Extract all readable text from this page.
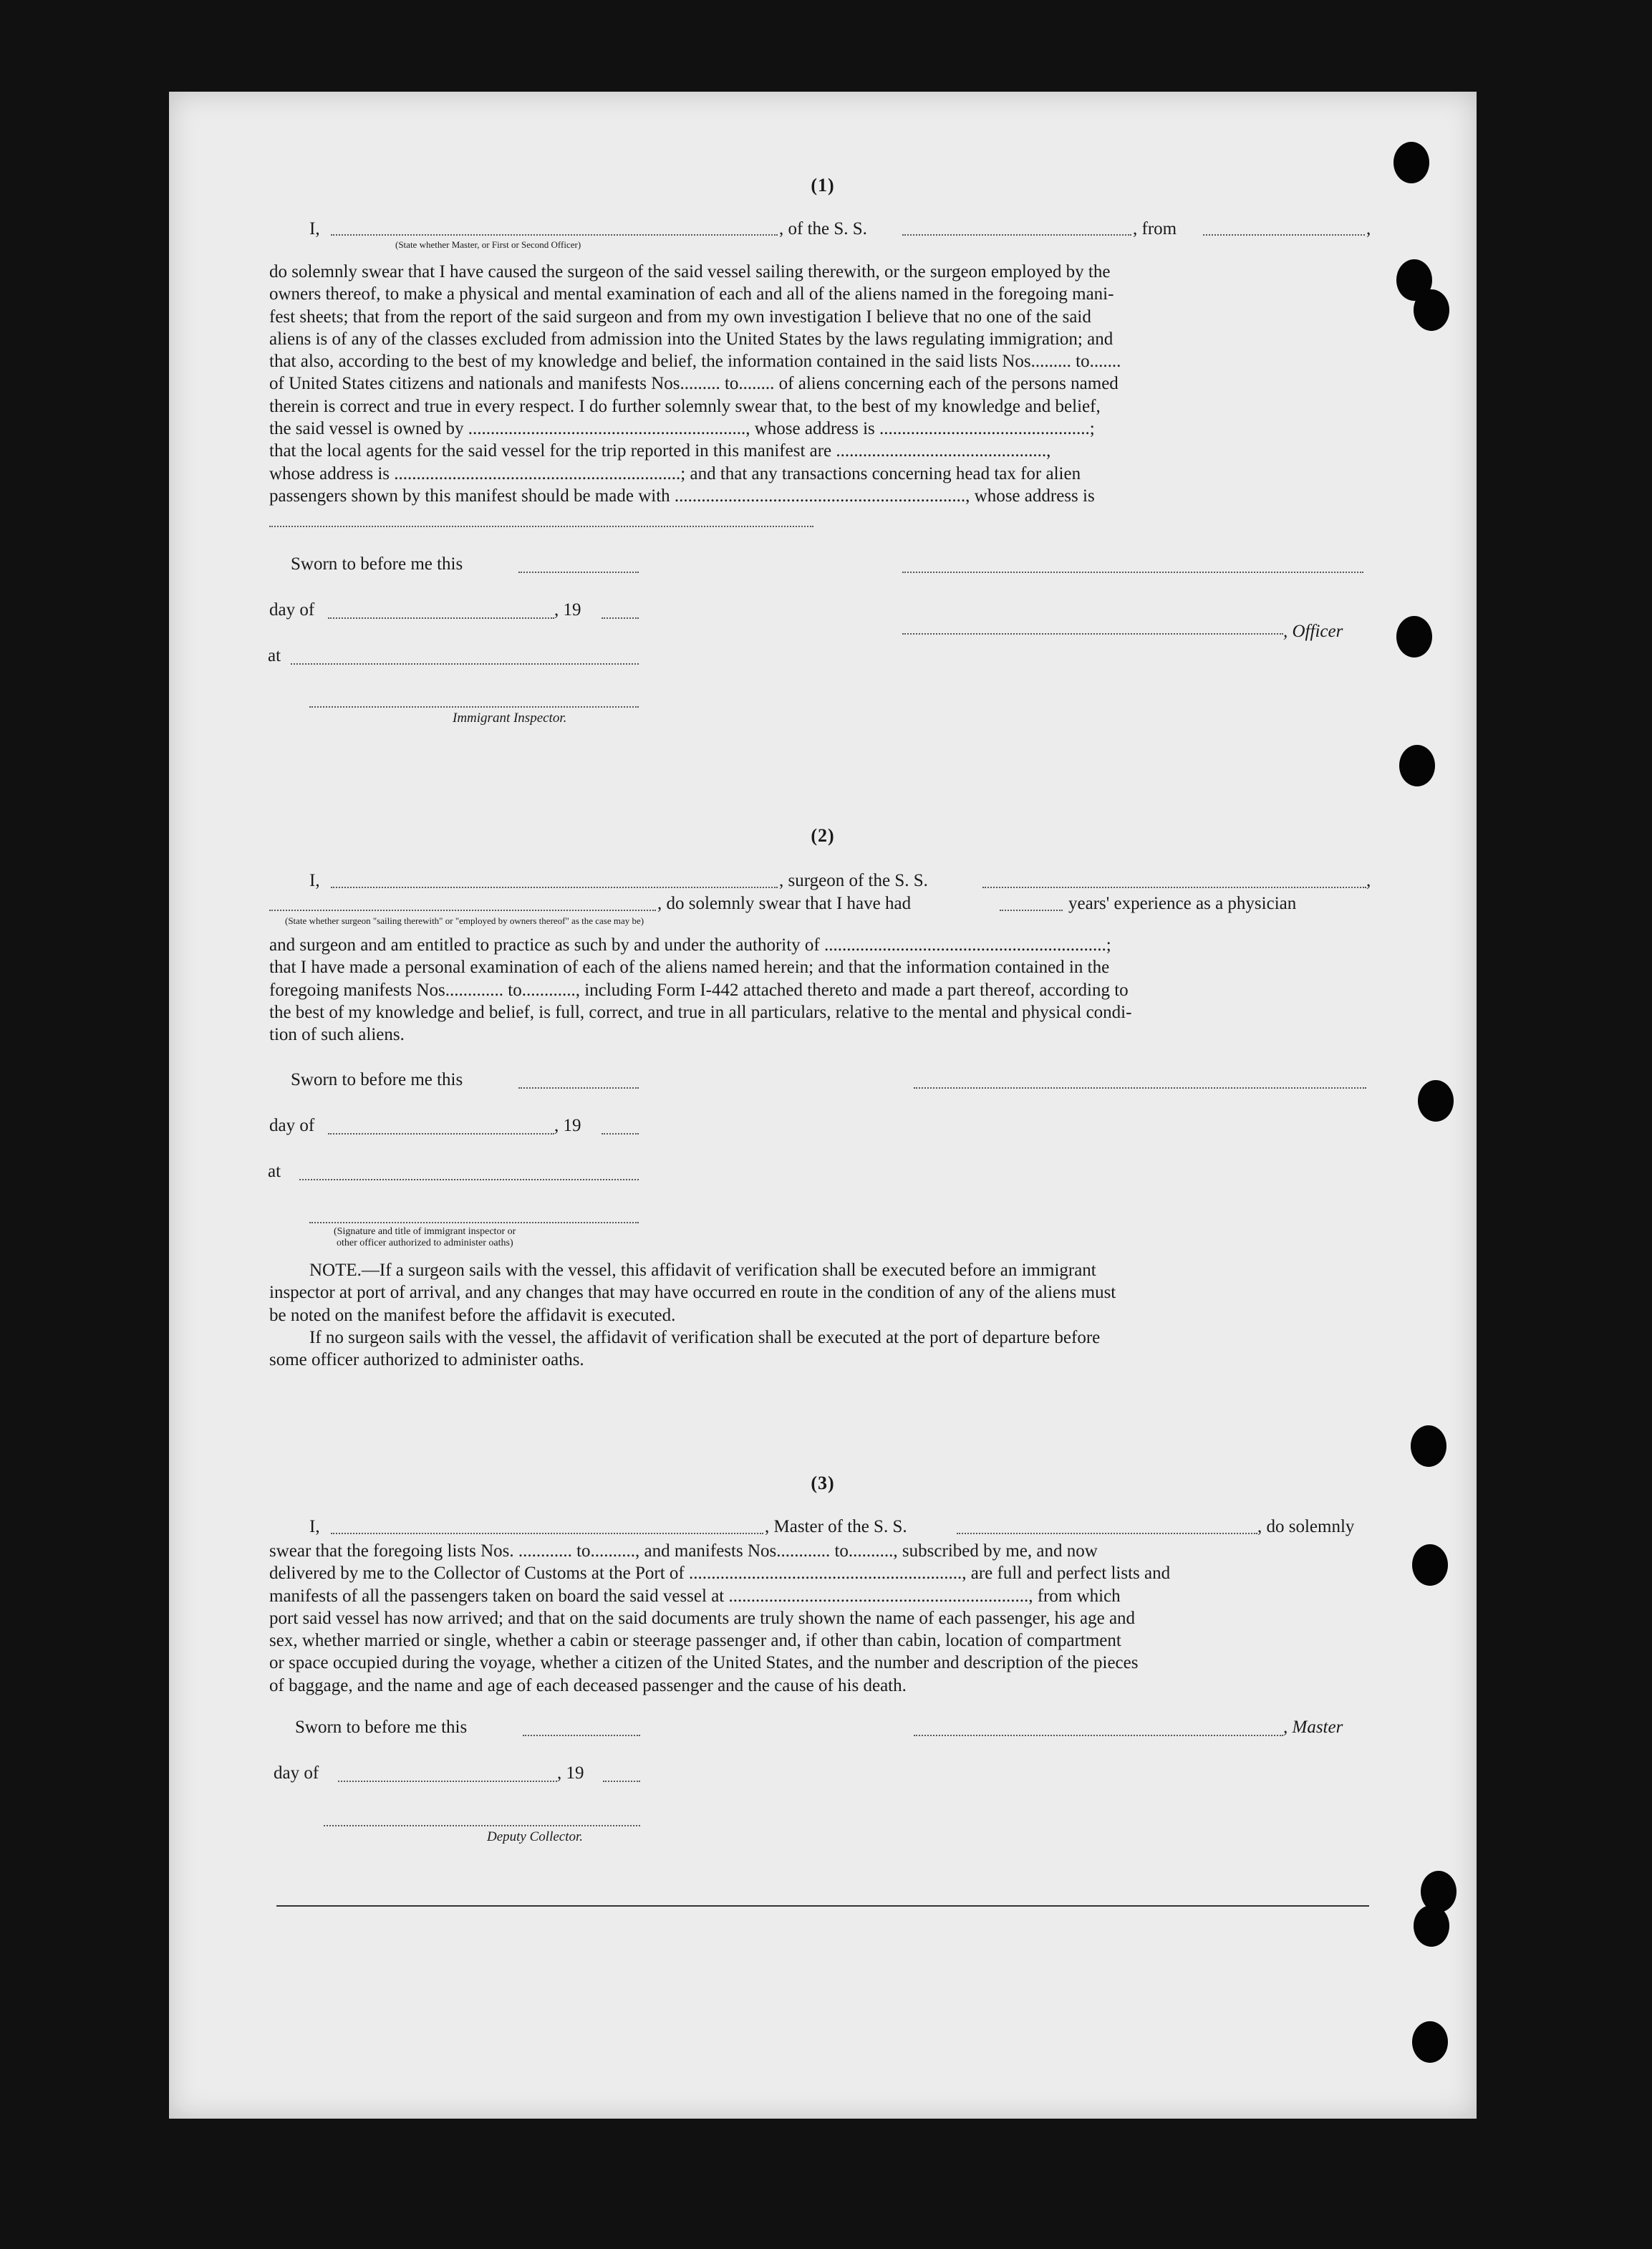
(1)
I,	, of the S. S.	, from	,
(State whether Master, or First or Second Officer)

do solemnly swear that I have caused the surgeon of the said vessel sailing therewith, or the surgeon employed by the

owners thereof, to make a physical and mental examination of each and all of the aliens named in the foregoing mani-

fest sheets; that from the report of the said surgeon and from my own investigation I believe that no one of the said

aliens is of any of the classes excluded from admission into the United States by the laws regulating immigration; and

that also, according to the best of my knowledge and belief, the information contained in the said lists Nos......... to.......

of United States citizens and nationals and manifests Nos......... to........ of aliens concerning each of the persons named

therein is correct and true in every respect. I do further solemnly swear that, to the best of my knowledge and belief,

the said vessel is owned by .............................................................., whose address is ...............................................;

that the local agents for the said vessel for the trip reported in this manifest are ...............................................,

whose address is ................................................................; and that any transactions concerning head tax for alien

passengers shown by this manifest should be made with ................................................................., whose address is

Sworn to before me this
day of	, 19
, Officer
at
Immigrant Inspector.
(2)
I,	, surgeon of the S. S.	,
, do solemnly swear that I have had	years' experience as a physician
(State whether surgeon "sailing therewith" or "employed by owners thereof" as the case may be)

and surgeon and am entitled to practice as such by and under the authority of ...............................................................;

that I have made a personal examination of each of the aliens named herein; and that the information contained in the

foregoing manifests Nos............. to............, including Form I-442 attached thereto and made a part thereof, according to

the best of my knowledge and belief, is full, correct, and true in all particulars, relative to the mental and physical condi-

tion of such aliens.

Sworn to before me this
day of	, 19
at
(Signature and title of immigrant inspector or
other officer authorized to administer oaths)

NOTE.—If a surgeon sails with the vessel, this affidavit of verification shall be executed before an immigrant

inspector at port of arrival, and any changes that may have occurred en route in the condition of any of the aliens must

be noted on the manifest before the affidavit is executed.

If no surgeon sails with the vessel, the affidavit of verification shall be executed at the port of departure before

some officer authorized to administer oaths.

(3)
I,	, Master of the S. S.	, do solemnly

swear that the foregoing lists Nos. ............ to.........., and manifests Nos............ to.........., subscribed by me, and now

delivered by me to the Collector of Customs at the Port of ............................................................., are full and perfect lists and

manifests of all the passengers taken on board the said vessel at ..................................................................., from which

port said vessel has now arrived; and that on the said documents are truly shown the name of each passenger, his age and

sex, whether married or single, whether a cabin or steerage passenger and, if other than cabin, location of compartment

or space occupied during the voyage, whether a citizen of the United States, and the number and description of the pieces

of baggage, and the name and age of each deceased passenger and the cause of his death.

Sworn to before me this	, Master
day of	, 19
Deputy Collector.
